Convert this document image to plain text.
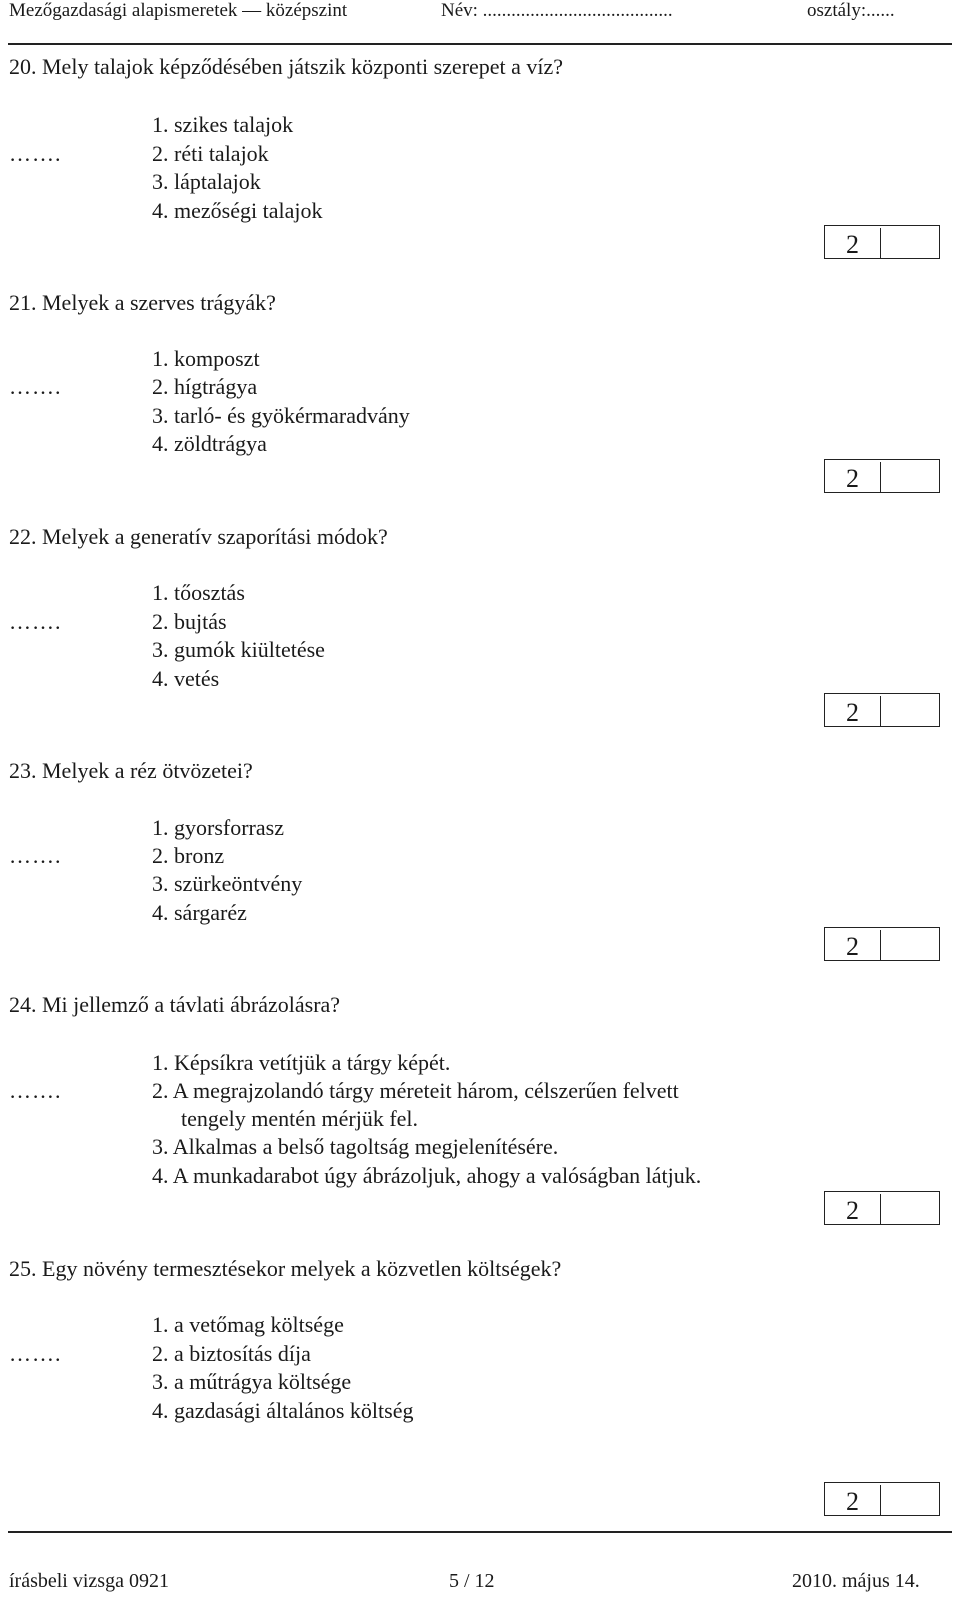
Mezőgazdasági alapismeretek — középszint	Név: ........................................	osztály:......
20. Mely talajok képződésében játszik központi szerepet a víz?
1. szikes talajok
…….	2. réti talajok
3. láptalajok
4. mezőségi talajok
2
21. Melyek a szerves trágyák?
1. komposzt
…….	2. hígtrágya
3. tarló- és gyökérmaradvány
4. zöldtrágya
2
22. Melyek a generatív szaporítási módok?
1. tőosztás
…….	2. bujtás
3. gumók kiültetése
4. vetés
2
23. Melyek a réz ötvözetei?
1. gyorsforrasz
…….	2. bronz
3. szürkeöntvény
4. sárgaréz
2
24. Mi jellemző a távlati ábrázolásra?
1. Képsíkra vetítjük a tárgy képét.
…….	2. A megrajzolandó tárgy méreteit három, célszerűen felvett
tengely mentén mérjük fel.
3. Alkalmas a belső tagoltság megjelenítésére.
4. A munkadarabot úgy ábrázoljuk, ahogy a valóságban látjuk.
2
25. Egy növény termesztésekor melyek a közvetlen költségek?
1. a vetőmag költsége
…….	2. a biztosítás díja
3. a műtrágya költsége
4. gazdasági általános költség
2
írásbeli vizsga 0921	5 / 12	2010. május 14.
